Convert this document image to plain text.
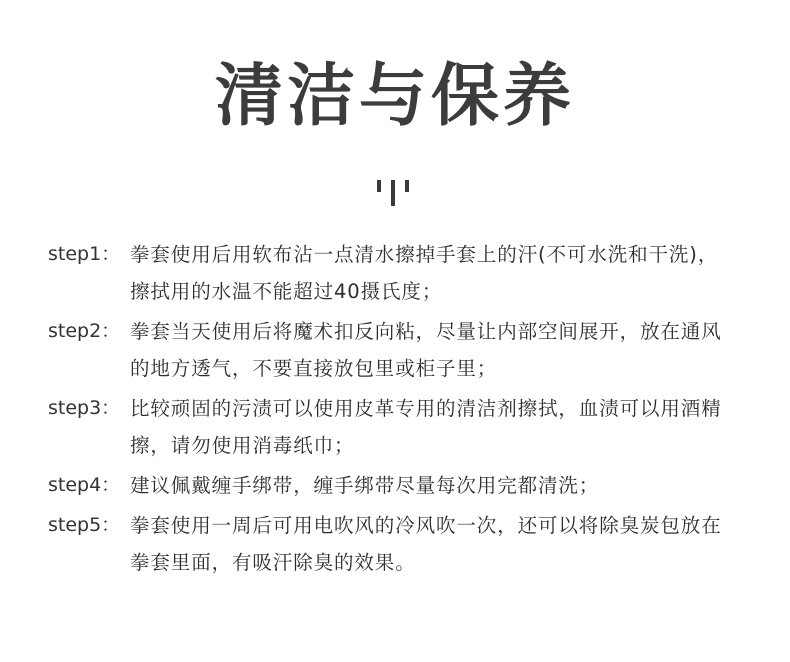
清洁与保养
step1： 拳套使用后用软布沾一点清水擦掉手套上的汗(不可水洗和干洗)，擦拭用的水温不能超过40摄氏度；
step2： 拳套当天使用后将魔术扣反向粘，尽量让内部空间展开，放在通风的地方透气，不要直接放包里或柜子里；
step3： 比较顽固的污渍可以使用皮革专用的清洁剂擦拭，血渍可以用酒精擦，请勿使用消毒纸巾；
step4： 建议佩戴缠手绑带，缠手绑带尽量每次用完都清洗；
step5： 拳套使用一周后可用电吹风的冷风吹一次，还可以将除臭炭包放在拳套里面，有吸汗除臭的效果。
